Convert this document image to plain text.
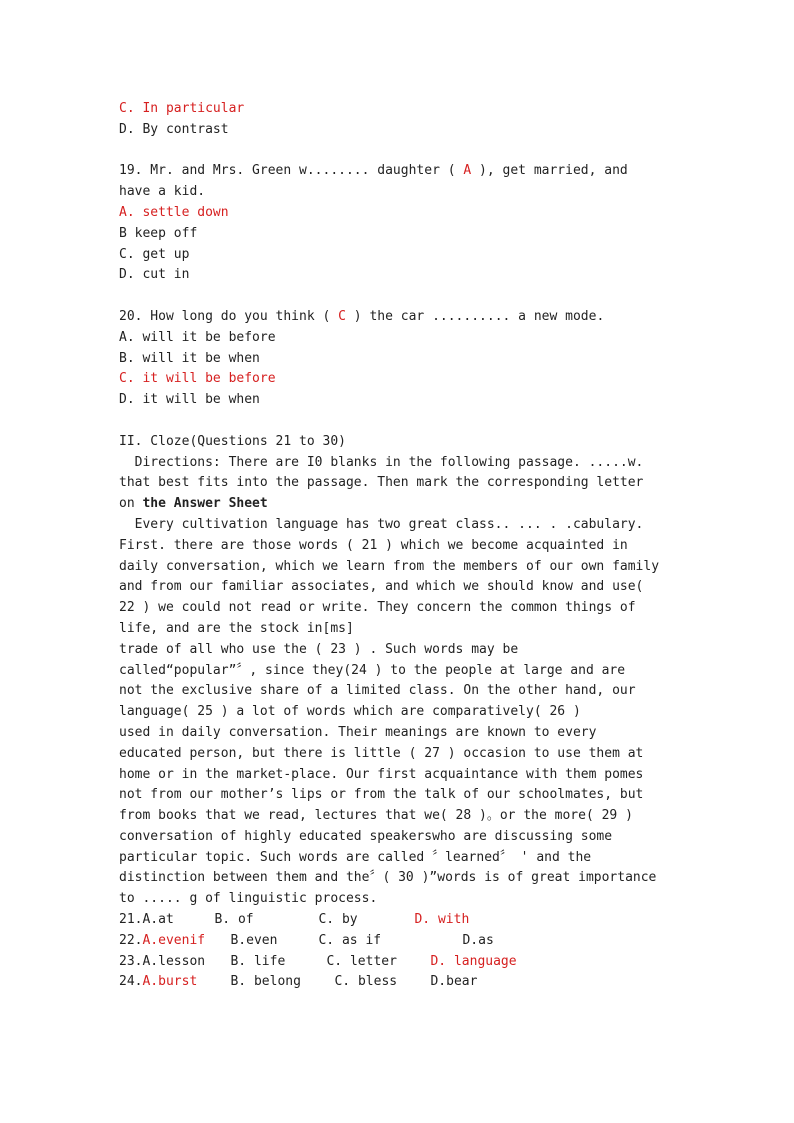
C. In particular
D. By contrast
19. Mr. and Mrs. Green w........ daughter ( A ), get married, and
have a kid.
A. settle down
B keep off
C. get up
D. cut in
20. How long do you think ( C ) the car .......... a new mode.
A. will it be before
B. will it be when
C. it will be before
D. it will be when
II. Cloze(Questions 21 to 30)
Directions: There are I0 blanks in the following passage. .....w.
that best fits into the passage. Then mark the corresponding letter
on the Answer Sheet
Every cultivation language has two great class.. ... . .cabulary.
First. there are those words ( 21 ) which we become acquainted in
daily conversation, which we learn from the members of our own family
and from our familiar associates, and which we should know and use(
22 ) we could not read or write. They concern the common things of
life, and are the stock in[ms]
trade of all who use the ( 23 ) . Such words may be
called“popular”〞, since they(24 ) to the people at large and are
not the exclusive share of a limited class. On the other hand, our
language( 25 ) a lot of words which are comparatively( 26 )
used in daily conversation. Their meanings are known to every
educated person, but there is little ( 27 ) occasion to use them at
home or in the market-place. Our first acquaintance with them pomes
not from our mother’s lips or from the talk of our schoolmates, but
from books that we read, lectures that we( 28 )。or the more( 29 )
conversation of highly educated speakerswho are discussing some
particular topic. Such words are called 〞learned〞 ' and the
distinction between them and the〞( 30 )”words is of great importance
to ..... g of linguistic process.
21.A.at	B. of	C. by	D. with
22.A.evenif B.even	C. as if	D.as
23.A.lesson B. life	C. letter	D. language
24.A.burst	B. belong	C. bless	D.bear
